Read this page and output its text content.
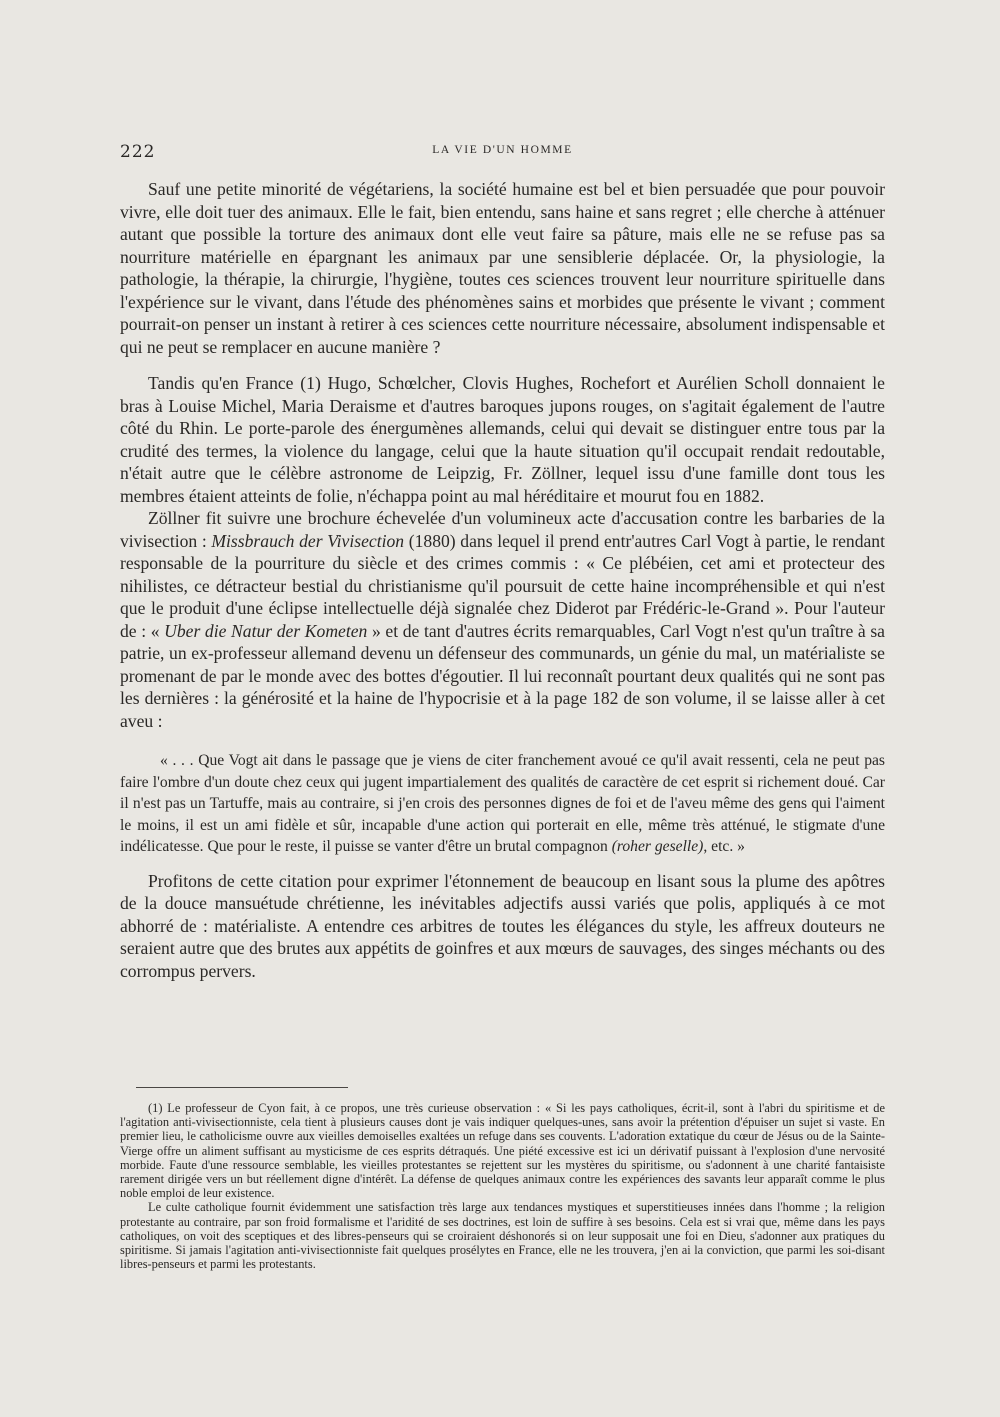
222	LA VIE D'UN HOMME

Sauf une petite minorité de végétariens, la société humaine est bel et bien persuadée que pour pouvoir vivre, elle doit tuer des animaux. Elle le fait, bien entendu, sans haine et sans regret ; elle cherche à atténuer autant que possible la torture des animaux dont elle veut faire sa pâture, mais elle ne se refuse pas sa nourriture matérielle en épargnant les animaux par une sensiblerie déplacée. Or, la physiologie, la pathologie, la thérapie, la chirurgie, l'hygiène, toutes ces sciences trouvent leur nourriture spirituelle dans l'expérience sur le vivant, dans l'étude des phénomènes sains et morbides que présente le vivant ; comment pourrait-on penser un instant à retirer à ces sciences cette nourriture nécessaire, absolument indispensable et qui ne peut se remplacer en aucune manière ?

Tandis qu'en France (1) Hugo, Schœlcher, Clovis Hughes, Rochefort et Aurélien Scholl donnaient le bras à Louise Michel, Maria Deraisme et d'autres baroques jupons rouges, on s'agitait également de l'autre côté du Rhin. Le porte-parole des énergumènes allemands, celui qui devait se distinguer entre tous par la crudité des termes, la violence du langage, celui que la haute situation qu'il occupait rendait redoutable, n'était autre que le célèbre astronome de Leipzig, Fr. Zöllner, lequel issu d'une famille dont tous les membres étaient atteints de folie, n'échappa point au mal héréditaire et mourut fou en 1882.

Zöllner fit suivre une brochure échevelée d'un volumineux acte d'accusation contre les barbaries de la vivisection : Missbrauch der Vivisection (1880) dans lequel il prend entr'autres Carl Vogt à partie, le rendant responsable de la pourriture du siècle et des crimes commis : « Ce plébéien, cet ami et protecteur des nihilistes, ce détracteur bestial du christianisme qu'il poursuit de cette haine incompréhensible et qui n'est que le produit d'une éclipse intellectuelle déjà signalée chez Diderot par Frédéric-le-Grand ». Pour l'auteur de : « Uber die Natur der Kometen » et de tant d'autres écrits remarquables, Carl Vogt n'est qu'un traître à sa patrie, un ex-professeur allemand devenu un défenseur des communards, un génie du mal, un matérialiste se promenant de par le monde avec des bottes d'égoutier. Il lui reconnaît pourtant deux qualités qui ne sont pas les dernières : la générosité et la haine de l'hypocrisie et à la page 182 de son volume, il se laisse aller à cet aveu :

« . . . Que Vogt ait dans le passage que je viens de citer franchement avoué ce qu'il avait ressenti, cela ne peut pas faire l'ombre d'un doute chez ceux qui jugent impartialement des qualités de caractère de cet esprit si richement doué. Car il n'est pas un Tartuffe, mais au contraire, si j'en crois des personnes dignes de foi et de l'aveu même des gens qui l'aiment le moins, il est un ami fidèle et sûr, incapable d'une action qui porterait en elle, même très atténué, le stigmate d'une indélicatesse. Que pour le reste, il puisse se vanter d'être un brutal compagnon (roher geselle), etc. »

Profitons de cette citation pour exprimer l'étonnement de beaucoup en lisant sous la plume des apôtres de la douce mansuétude chrétienne, les inévitables adjectifs aussi variés que polis, appliqués à ce mot abhorré de : matérialiste. A entendre ces arbitres de toutes les élégances du style, les affreux douteurs ne seraient autre que des brutes aux appétits de goinfres et aux mœurs de sauvages, des singes méchants ou des corrompus pervers.

(1) Le professeur de Cyon fait, à ce propos, une très curieuse observation : « Si les pays catholiques, écrit-il, sont à l'abri du spiritisme et de l'agitation anti-vivisectionniste, cela tient à plusieurs causes dont je vais indiquer quelques-unes, sans avoir la prétention d'épuiser un sujet si vaste. En premier lieu, le catholicisme ouvre aux vieilles demoiselles exaltées un refuge dans ses couvents. L'adoration extatique du cœur de Jésus ou de la Sainte-Vierge offre un aliment suffisant au mysticisme de ces esprits détraqués. Une piété excessive est ici un dérivatif puissant à l'explosion d'une nervosité morbide. Faute d'une ressource semblable, les vieilles protestantes se rejettent sur les mystères du spiritisme, ou s'adonnent à une charité fantaisiste rarement dirigée vers un but réellement digne d'intérêt. La défense de quelques animaux contre les expériences des savants leur apparaît comme le plus noble emploi de leur existence.

Le culte catholique fournit évidemment une satisfaction très large aux tendances mystiques et superstitieuses innées dans l'homme ; la religion protestante au contraire, par son froid formalisme et l'aridité de ses doctrines, est loin de suffire à ses besoins. Cela est si vrai que, même dans les pays catholiques, on voit des sceptiques et des libres-penseurs qui se croiraient déshonorés si on leur supposait une foi en Dieu, s'adonner aux pratiques du spiritisme. Si jamais l'agitation anti-vivisectionniste fait quelques prosélytes en France, elle ne les trouvera, j'en ai la conviction, que parmi les soi-disant libres-penseurs et parmi les protestants.
